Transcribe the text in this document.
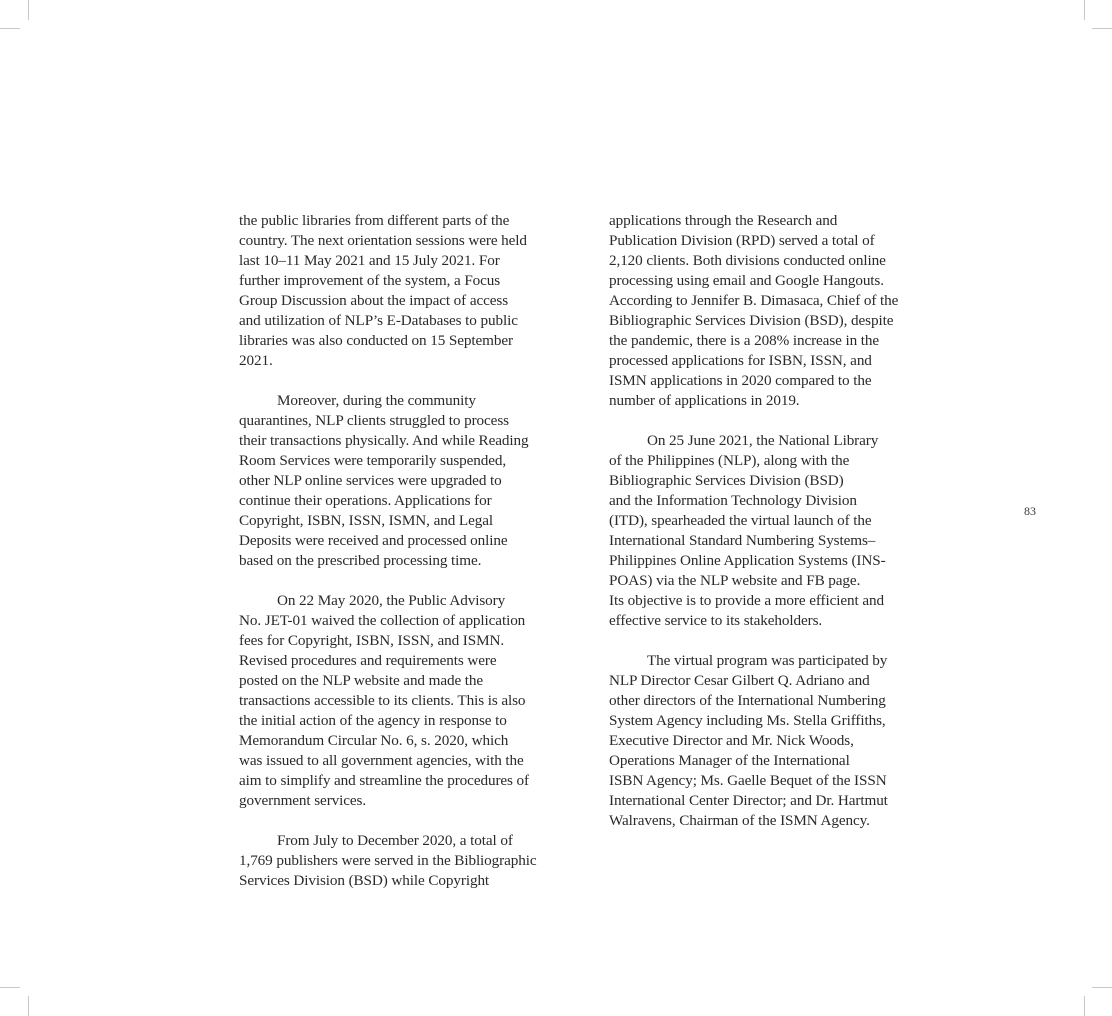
the public libraries from different parts of the
country. The next orientation sessions were held
last 10–11 May 2021 and 15 July 2021. For
further improvement of the system, a Focus
Group Discussion about the impact of access
and utilization of NLP’s E-Databases to public
libraries was also conducted on 15 September
2021.
Moreover, during the community
quarantines, NLP clients struggled to process
their transactions physically. And while Reading
Room Services were temporarily suspended,
other NLP online services were upgraded to
continue their operations. Applications for
Copyright, ISBN, ISSN, ISMN, and Legal
Deposits were received and processed online
based on the prescribed processing time.
On 22 May 2020, the Public Advisory
No. JET-01 waived the collection of application
fees for Copyright, ISBN, ISSN, and ISMN.
Revised procedures and requirements were
posted on the NLP website and made the
transactions accessible to its clients. This is also
the initial action of the agency in response to
Memorandum Circular No. 6, s. 2020, which
was issued to all government agencies, with the
aim to simplify and streamline the procedures of
government services.
From July to December 2020, a total of
1,769 publishers were served in the Bibliographic
Services Division (BSD) while Copyright
applications through the Research and
Publication Division (RPD) served a total of
2,120 clients. Both divisions conducted online
processing using email and Google Hangouts.
According to Jennifer B. Dimasaca, Chief of the
Bibliographic Services Division (BSD), despite
the pandemic, there is a 208% increase in the
processed applications for ISBN, ISSN, and
ISMN applications in 2020 compared to the
number of applications in 2019.
On 25 June 2021, the National Library
of the Philippines (NLP), along with the
Bibliographic Services Division (BSD)
and the Information Technology Division
(ITD), spearheaded the virtual launch of the
International Standard Numbering Systems–
Philippines Online Application Systems (INS-
POAS) via the NLP website and FB page.
Its objective is to provide a more efficient and
effective service to its stakeholders.
The virtual program was participated by
NLP Director Cesar Gilbert Q. Adriano and
other directors of the International Numbering
System Agency including Ms. Stella Griffiths,
Executive Director and Mr. Nick Woods,
Operations Manager of the International
ISBN Agency; Ms. Gaelle Bequet of the ISSN
International Center Director; and Dr. Hartmut
Walravens, Chairman of the ISMN Agency.
83
